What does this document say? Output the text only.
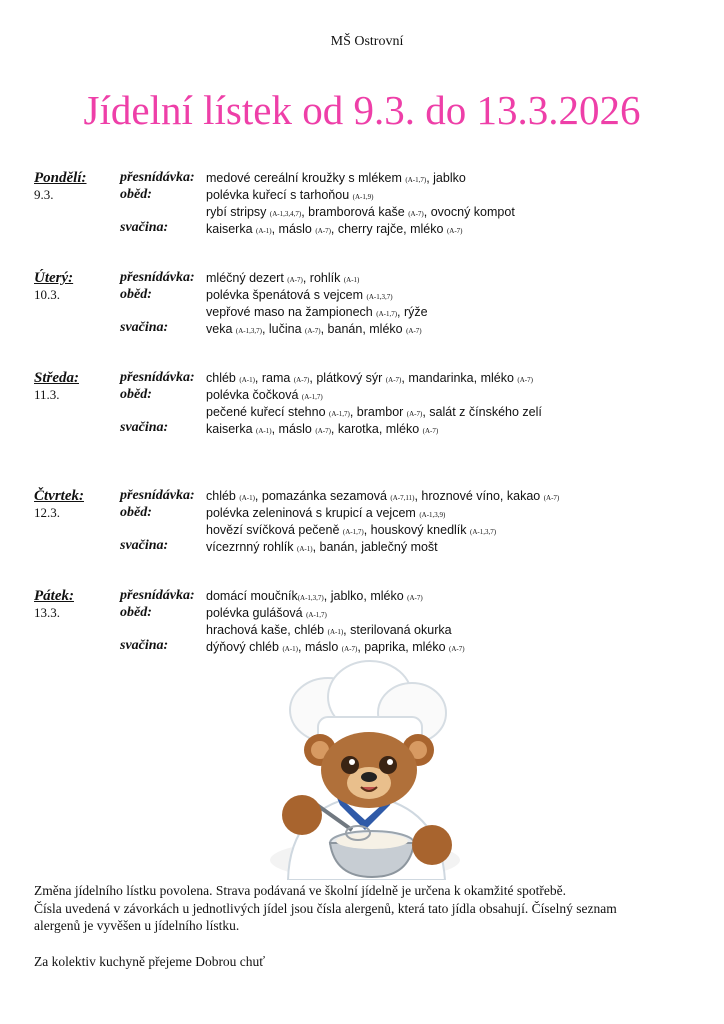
MŠ Ostrovní
Jídelní lístek od 9.3. do 13.3.2026
Pondělí:
9.3.
přesnídávka:
oběd:
svačina:
medové cereální kroužky s mlékem (A-1,7), jablko
polévka kuřecí s tarhoňou (A-1,9)
rybí stripsy (A-1,3,4,7), bramborová kaše (A-7), ovocný kompot
kaiserka (A-1), máslo (A-7), cherry rajče, mléko (A-7)
Úterý:
10.3.
přesnídávka:
oběd:
svačina:
mléčný dezert (A-7), rohlík (A-1)
polévka špenátová s vejcem (A-1,3,7)
vepřové maso na žampionech (A-1,7), rýže
veka (A-1,3,7), lučina (A-7), banán, mléko (A-7)
Středa:
11.3.
přesnídávka:
oběd:
svačina:
chléb (A-1), rama (A-7), plátkový sýr (A-7), mandarinka, mléko (A-7)
polévka čočková (A-1,7)
pečené kuřecí stehno (A-1,7), brambor (A-7), salát z čínského zelí
kaiserka (A-1), máslo (A-7), karotka, mléko (A-7)
Čtvrtek:
12.3.
přesnídávka:
oběd:
svačina:
chléb (A-1), pomazánka sezamová (A-7,11), hroznové víno, kakao (A-7)
polévka zeleninová s krupicí a vejcem (A-1,3,9)
hovězí svíčková pečeně (A-1,7), houskový knedlík (A-1,3,7)
vícezrnný rohlík (A-1), banán, jablečný mošt
Pátek:
13.3.
přesnídávka:
oběd:
svačina:
domácí moučník(A-1,3,7), jablko, mléko (A-7)
polévka gulášová (A-1,7)
hrachová kaše, chléb (A-1), sterilovaná okurka
dýňový chléb (A-1), máslo (A-7), paprika, mléko (A-7)
Změna jídelního lístku povolena. Strava podávaná ve školní jídelně je určena k okamžité spotřebě.
Čísla uvedená v závorkách u jednotlivých jídel jsou čísla alergenů, která tato jídla obsahují. Číselný seznam
alergenů je vyvěšen u jídelního lístku.
Za kolektiv kuchyně přejeme Dobrou chuť
